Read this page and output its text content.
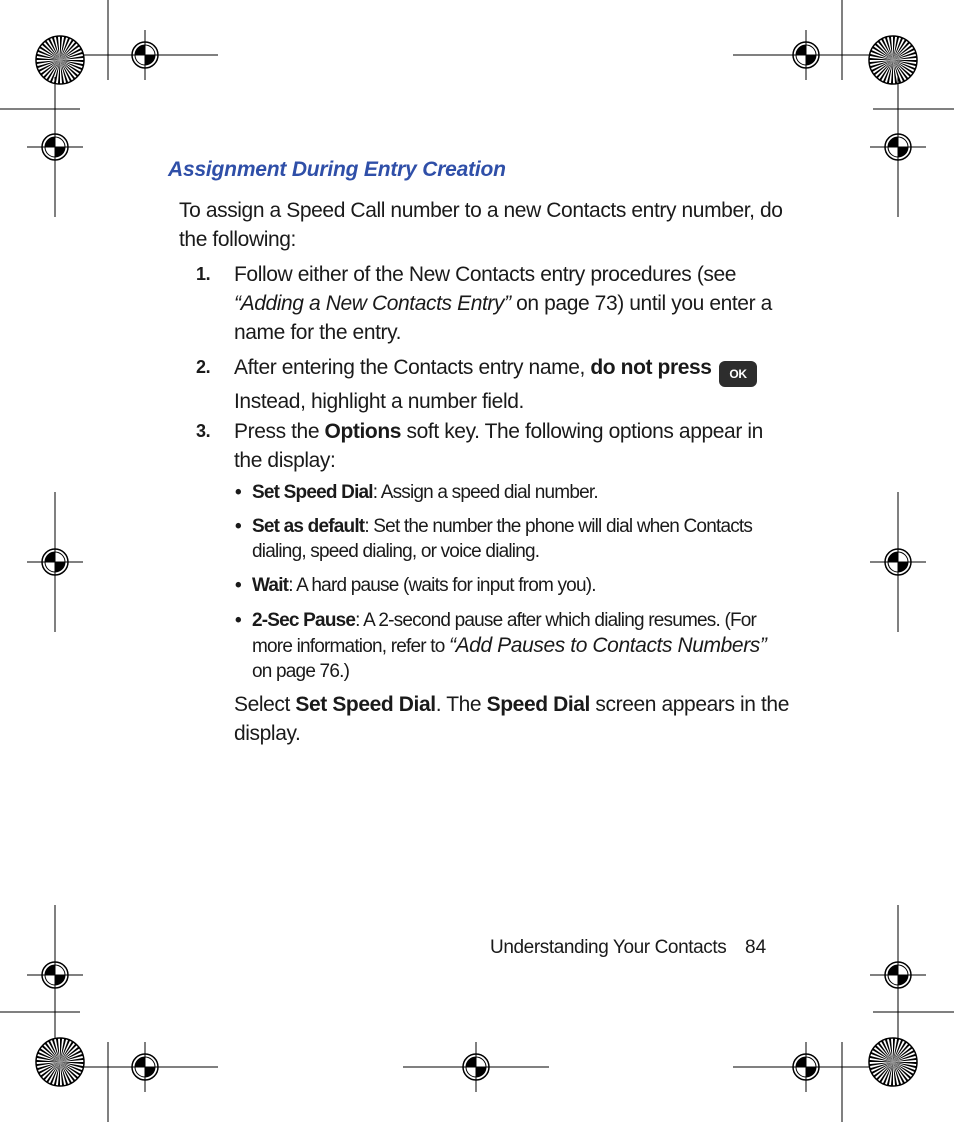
Assignment During Entry Creation
To assign a Speed Call number to a new Contacts entry number, do the following:
1. Follow either of the New Contacts entry procedures (see “Adding a New Contacts Entry” on page 73) until you enter a name for the entry.
2. After entering the Contacts entry name, do not press OK Instead, highlight a number field.
3. Press the Options soft key. The following options appear in the display:
• Set Speed Dial: Assign a speed dial number.
• Set as default: Set the number the phone will dial when Contacts dialing, speed dialing, or voice dialing.
• Wait: A hard pause (waits for input from you).
• 2-Sec Pause: A 2-second pause after which dialing resumes. (For more information, refer to “Add Pauses to Contacts Numbers” on page 76.)
Select Set Speed Dial. The Speed Dial screen appears in the display.
Understanding Your Contacts 84
